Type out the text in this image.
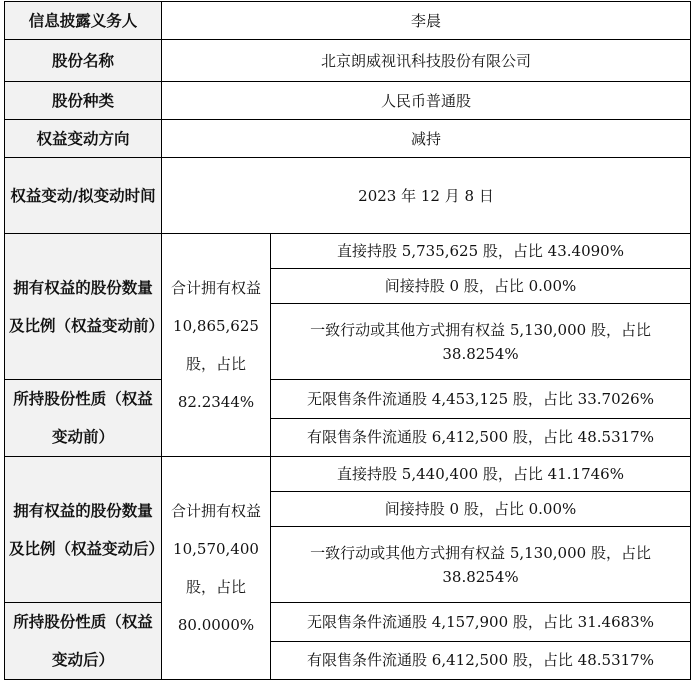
信息披露义务人	李晨	
股份名称	北京朗威视讯科技股份有限公司	
股份种类	人民币普通股	
权益变动方向	减持	
权益变动/拟变动时间	2023 年 12 月 8 日	
拥有权益的股份数量及比例（权益变动前）	合计拥有权益 10,865,625 股，占比 82.2344%	直接持股 5,735,625 股，占比 43.4090%
		间接持股 0 股，占比 0.00%
		一致行动或其他方式拥有权益 5,130,000 股，占比 38.8254%
所持股份性质（权益变动前）		无限售条件流通股 4,453,125 股，占比 33.7026%
		有限售条件流通股 6,412,500 股，占比 48.5317%
拥有权益的股份数量及比例（权益变动后）	合计拥有权益 10,570,400 股，占比 80.0000%	直接持股 5,440,400 股，占比 41.1746%
		间接持股 0 股，占比 0.00%
		一致行动或其他方式拥有权益 5,130,000 股，占比 38.8254%
所持股份性质（权益变动后）		无限售条件流通股 4,157,900 股，占比 31.4683%
		有限售条件流通股 6,412,500 股，占比 48.5317%
